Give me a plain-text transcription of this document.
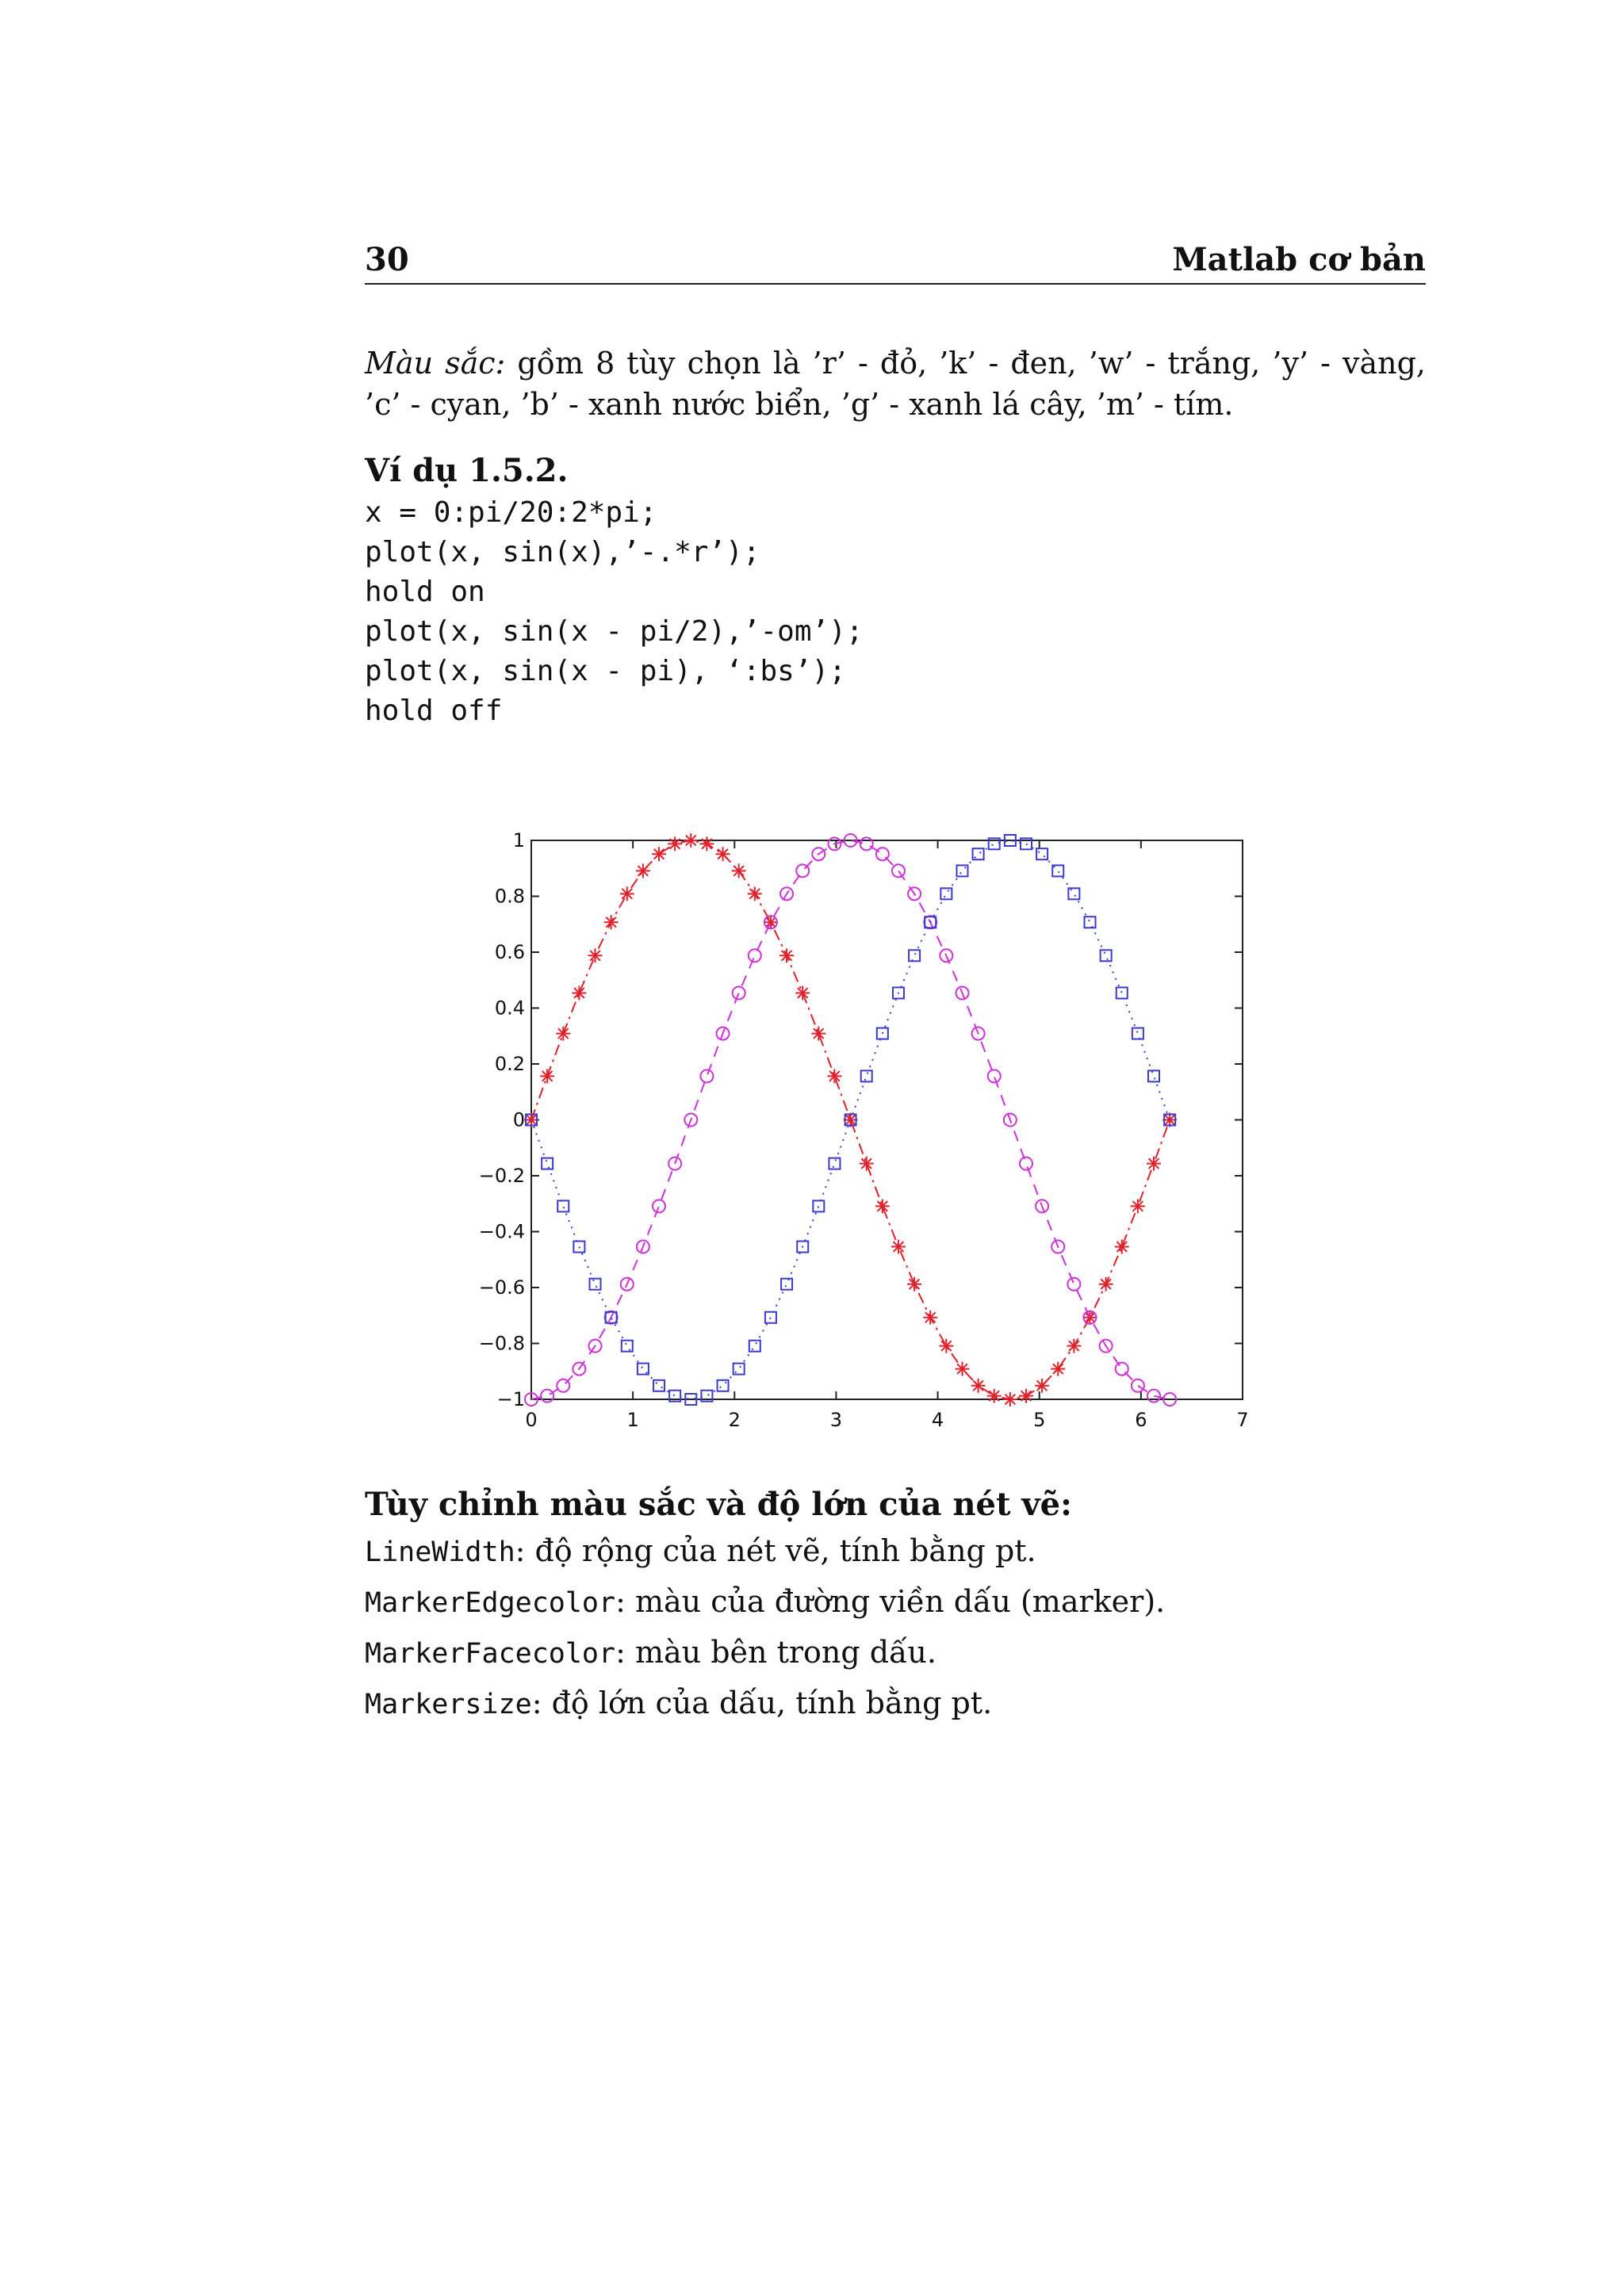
30	Matlab cơ bản
Màu sắc: gồm 8 tùy chọn là ’r’ - đỏ, ’k’ - đen, ’w’ - trắng, ’y’ - vàng, ’c’ - cyan, ’b’ - xanh nước biển, ’g’ - xanh lá cây, ’m’ - tím.
Ví dụ 1.5.2.
x = 0:pi/20:2*pi;
plot(x, sin(x),’-.*r’);
hold on
plot(x, sin(x - pi/2),’-om’);
plot(x, sin(x - pi), ‘:bs’);
hold off
0	1	2	3	4	5	6	7
−1
−0.8
−0.6
−0.4
−0.2
0
0.2
0.4
0.6
0.8
1
Tùy chỉnh màu sắc và độ lớn của nét vẽ:
LineWidth: độ rộng của nét vẽ, tính bằng pt.
MarkerEdgecolor: màu của đường viền dấu (marker).
MarkerFacecolor: màu bên trong dấu.
Markersize: độ lớn của dấu, tính bằng pt.
